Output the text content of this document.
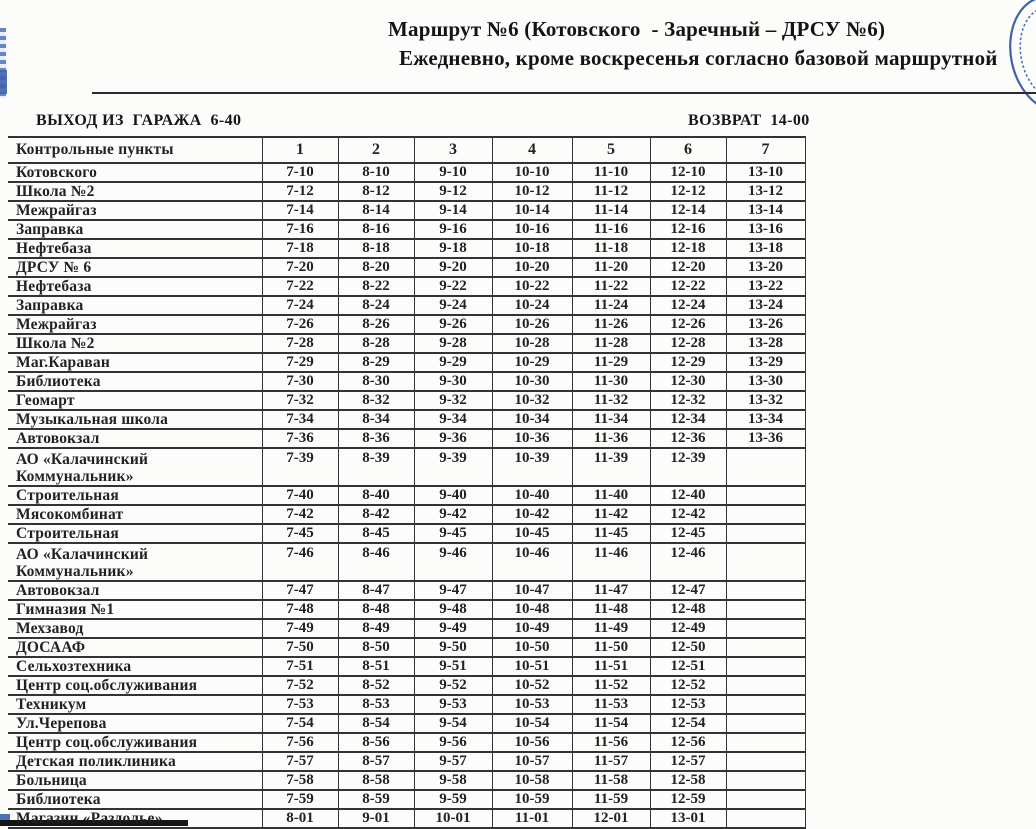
Маршрут №6 (Котовского  - Заречный – ДРСУ №6)
Ежедневно, кроме воскресенья согласно базовой маршрутной
ВЫХОД ИЗ  ГАРАЖА  6-40	ВОЗВРАТ  14-00
Контрольные пункты	1	2	3	4	5	6	7
Котовского	7-10	8-10	9-10	10-10	11-10	12-10	13-10
Школа №2	7-12	8-12	9-12	10-12	11-12	12-12	13-12
Межрайгаз	7-14	8-14	9-14	10-14	11-14	12-14	13-14
Заправка	7-16	8-16	9-16	10-16	11-16	12-16	13-16
Нефтебаза	7-18	8-18	9-18	10-18	11-18	12-18	13-18
ДРСУ № 6	7-20	8-20	9-20	10-20	11-20	12-20	13-20
Нефтебаза	7-22	8-22	9-22	10-22	11-22	12-22	13-22
Заправка	7-24	8-24	9-24	10-24	11-24	12-24	13-24
Межрайгаз	7-26	8-26	9-26	10-26	11-26	12-26	13-26
Школа №2	7-28	8-28	9-28	10-28	11-28	12-28	13-28
Маг.Караван	7-29	8-29	9-29	10-29	11-29	12-29	13-29
Библиотека	7-30	8-30	9-30	10-30	11-30	12-30	13-30
Геомарт	7-32	8-32	9-32	10-32	11-32	12-32	13-32
Музыкальная школа	7-34	8-34	9-34	10-34	11-34	12-34	13-34
Автовокзал	7-36	8-36	9-36	10-36	11-36	12-36	13-36
АО «Калачинский
Коммунальник»	7-39	8-39	9-39	10-39	11-39	12-39	
Строительная	7-40	8-40	9-40	10-40	11-40	12-40	
Мясокомбинат	7-42	8-42	9-42	10-42	11-42	12-42	
Строительная	7-45	8-45	9-45	10-45	11-45	12-45	
АО «Калачинский
Коммунальник»	7-46	8-46	9-46	10-46	11-46	12-46	
Автовокзал	7-47	8-47	9-47	10-47	11-47	12-47	
Гимназия №1	7-48	8-48	9-48	10-48	11-48	12-48	
Мехзавод	7-49	8-49	9-49	10-49	11-49	12-49	
ДОСААФ	7-50	8-50	9-50	10-50	11-50	12-50	
Сельхозтехника	7-51	8-51	9-51	10-51	11-51	12-51	
Центр соц.обслуживания	7-52	8-52	9-52	10-52	11-52	12-52	
Техникум	7-53	8-53	9-53	10-53	11-53	12-53	
Ул.Черепова	7-54	8-54	9-54	10-54	11-54	12-54	
Центр соц.обслуживания	7-56	8-56	9-56	10-56	11-56	12-56	
Детская поликлиника	7-57	8-57	9-57	10-57	11-57	12-57	
Больница	7-58	8-58	9-58	10-58	11-58	12-58	
Библиотека	7-59	8-59	9-59	10-59	11-59	12-59	
Магазин «Раздолье»	8-01	9-01	10-01	11-01	12-01	13-01	
